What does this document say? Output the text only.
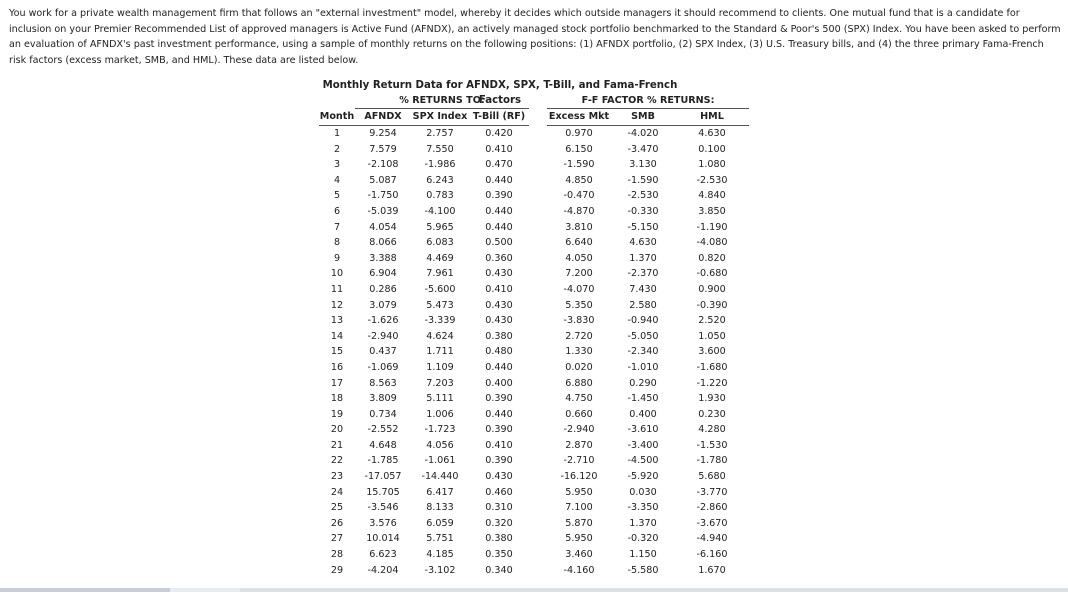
You work for a private wealth management firm that follows an "external investment" model, whereby it decides which outside managers it should recommend to clients. One mutual fund that is a candidate for inclusion on your Premier Recommended List of approved managers is Active Fund (AFNDX), an actively managed stock portfolio benchmarked to the Standard & Poor's 500 (SPX) Index. You have been asked to perform an evaluation of AFNDX's past investment performance, using a sample of monthly returns on the following positions: (1) AFNDX portfolio, (2) SPX Index, (3) U.S. Treasury bills, and (4) the three primary Fama-French risk factors (excess market, SMB, and HML). These data are listed below.

Monthly Return Data for AFNDX, SPX, T-Bill, and Fama-French Factors
	% RETURNS TO:				F-F FACTOR % RETURNS:		
Month	AFNDX	SPX Index	T-Bill (RF)		Excess Mkt	SMB	HML
1	9.254	2.757	0.420		0.970	-4.020	4.630
2	7.579	7.550	0.410		6.150	-3.470	0.100
3	-2.108	-1.986	0.470		-1.590	3.130	1.080
4	5.087	6.243	0.440		4.850	-1.590	-2.530
5	-1.750	0.783	0.390		-0.470	-2.530	4.840
6	-5.039	-4.100	0.440		-4.870	-0.330	3.850
7	4.054	5.965	0.440		3.810	-5.150	-1.190
8	8.066	6.083	0.500		6.640	4.630	-4.080
9	3.388	4.469	0.360		4.050	1.370	0.820
10	6.904	7.961	0.430		7.200	-2.370	-0.680
11	0.286	-5.600	0.410		-4.070	7.430	0.900
12	3.079	5.473	0.430		5.350	2.580	-0.390
13	-1.626	-3.339	0.430		-3.830	-0.940	2.520
14	-2.940	4.624	0.380		2.720	-5.050	1.050
15	0.437	1.711	0.480		1.330	-2.340	3.600
16	-1.069	1.109	0.440		0.020	-1.010	-1.680
17	8.563	7.203	0.400		6.880	0.290	-1.220
18	3.809	5.111	0.390		4.750	-1.450	1.930
19	0.734	1.006	0.440		0.660	0.400	0.230
20	-2.552	-1.723	0.390		-2.940	-3.610	4.280
21	4.648	4.056	0.410		2.870	-3.400	-1.530
22	-1.785	-1.061	0.390		-2.710	-4.500	-1.780
23	-17.057	-14.440	0.430		-16.120	-5.920	5.680
24	15.705	6.417	0.460		5.950	0.030	-3.770
25	-3.546	8.133	0.310		7.100	-3.350	-2.860
26	3.576	6.059	0.320		5.870	1.370	-3.670
27	10.014	5.751	0.380		5.950	-0.320	-4.940
28	6.623	4.185	0.350		3.460	1.150	-6.160
29	-4.204	-3.102	0.340		-4.160	-5.580	1.670
